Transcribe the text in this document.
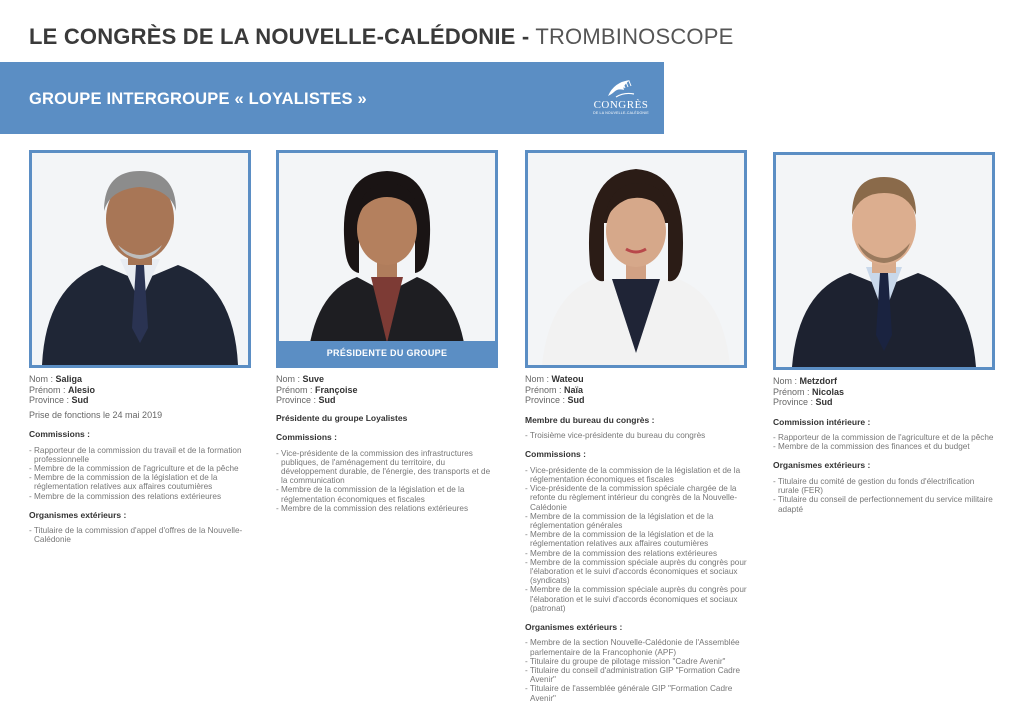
LE CONGRÈS DE LA NOUVELLE-CALÉDONIE - TROMBINOSCOPE
GROUPE INTERGROUPE « LOYALISTES »	CONGRÈS
DE LA NOUVELLE-CALÉDONIE
Nom : Saliga
Prénom : Alesio
Province : Sud
Prise de fonctions le 24 mai 2019
Commissions :
- Rapporteur de la commission du travail et de la formation professionnelle
- Membre de la commission de l'agriculture et de la pêche
- Membre de la commission de la législation et de la réglementation relatives aux affaires coutumières
- Membre de la commission des relations extérieures
Organismes extérieurs :
- Titulaire de la commission d'appel d'offres de la Nouvelle-Calédonie
PRÉSIDENTE DU GROUPE
Nom : Suve
Prénom : Françoise
Province : Sud
Présidente du groupe Loyalistes
Commissions :
- Vice-présidente de la commission des infrastructures publiques, de l'aménagement du territoire, du développement durable, de l'énergie, des transports et de la communication
- Membre de la commission de la législation et de la réglementation économiques et fiscales
- Membre de la commission des relations extérieures
Nom : Wateou
Prénom : Naïa
Province : Sud
Membre du bureau du congrès :
- Troisième vice-présidente du bureau du congrès
Commissions :
- Vice-présidente de la commission de la législation et de la réglementation économiques et fiscales
- Vice-présidente de la commission spéciale chargée de la refonte du règlement intérieur du congrès de la Nouvelle-Calédonie
- Membre de la commission de la législation et de la réglementation générales
- Membre de la commission de la législation et de la réglementation relatives aux affaires coutumières
- Membre de la commission des relations extérieures
- Membre de la commission spéciale auprès du congrès pour l'élaboration et le suivi d'accords économiques et sociaux (syndicats)
- Membre de la commission spéciale auprès du congrès pour l'élaboration et le suivi d'accords économiques et sociaux (patronat)
Organismes extérieurs :
- Membre de la section Nouvelle-Calédonie de l'Assemblée parlementaire de la Francophonie (APF)
- Titulaire du groupe de pilotage mission "Cadre Avenir"
- Titulaire du conseil d'administration GIP "Formation Cadre Avenir"
- Titulaire de l'assemblée générale GIP "Formation Cadre Avenir"
Nom : Metzdorf
Prénom : Nicolas
Province : Sud
Commission intérieure :
- Rapporteur de la commission de l'agriculture et de la pêche
- Membre de la commission des finances et du budget
Organismes extérieurs :
- Titulaire du comité de gestion du fonds d'électrification rurale (FER)
- Titulaire du conseil de perfectionnement du service militaire adapté
